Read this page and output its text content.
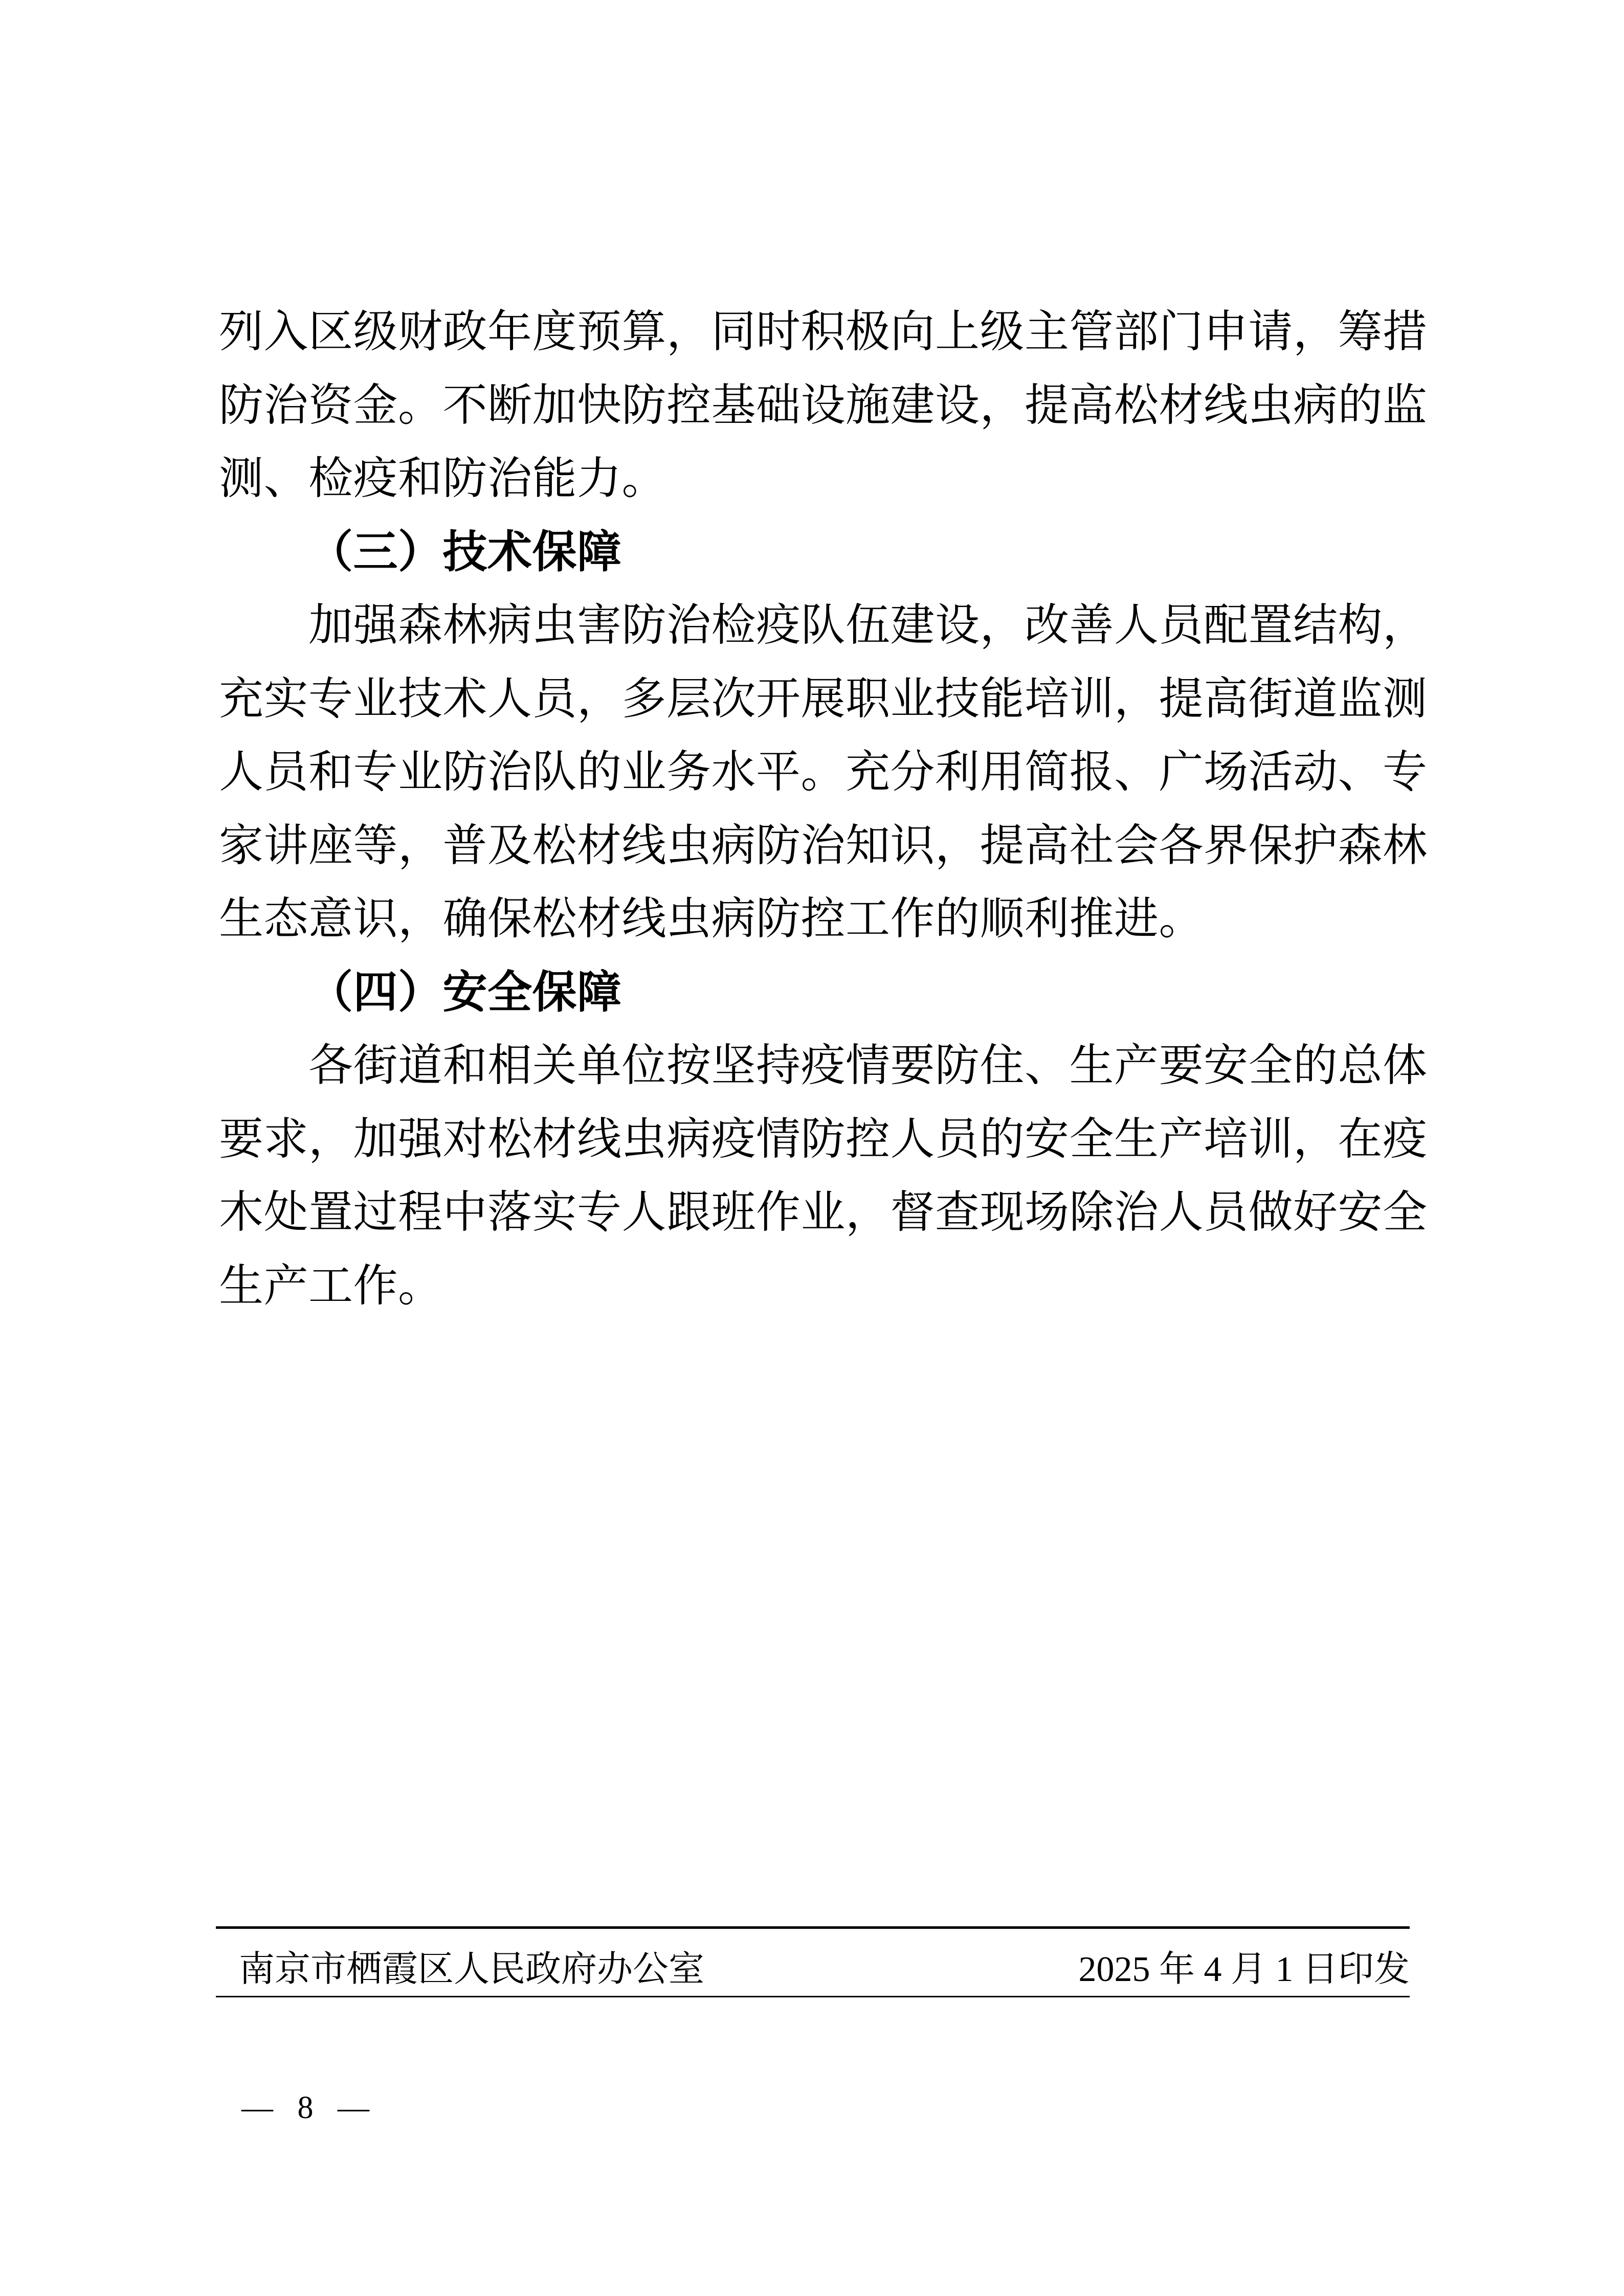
列入区级财政年度预算，同时积极向上级主管部门申请，筹措
防治资金。不断加快防控基础设施建设，提高松材线虫病的监
测、检疫和防治能力。
（三）技术保障
加强森林病虫害防治检疫队伍建设，改善人员配置结构，
充实专业技术人员，多层次开展职业技能培训，提高街道监测
人员和专业防治队的业务水平。充分利用简报、广场活动、专
家讲座等，普及松材线虫病防治知识，提高社会各界保护森林
生态意识，确保松材线虫病防控工作的顺利推进。
（四）安全保障
各街道和相关单位按坚持疫情要防住、生产要安全的总体
要求，加强对松材线虫病疫情防控人员的安全生产培训，在疫
木处置过程中落实专人跟班作业，督查现场除治人员做好安全
生产工作。
南京市栖霞区人民政府办公室	2025 年 4 月 1 日印发
— 8 —
